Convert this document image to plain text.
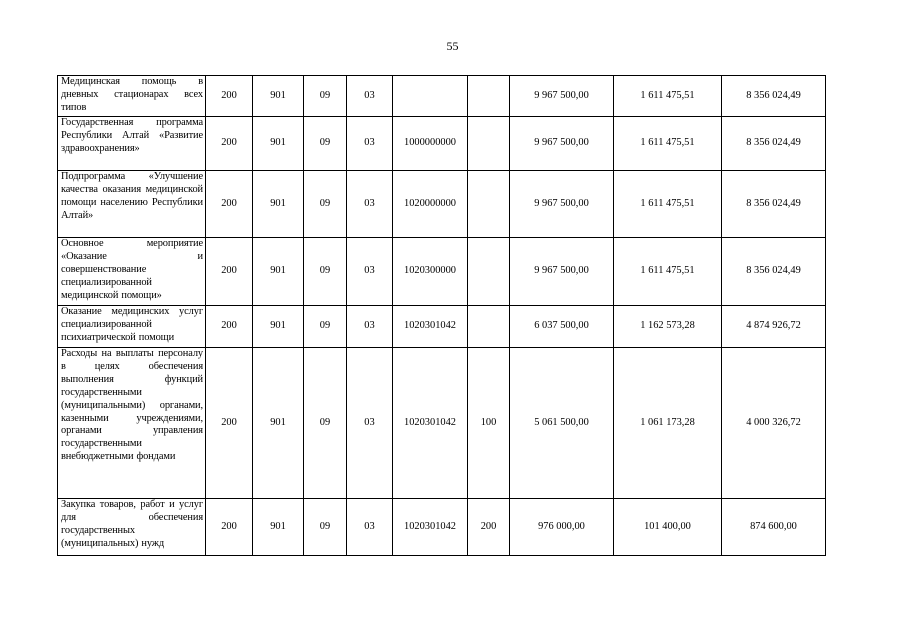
55
Медицинская помощь в дневных стационарах всех типов	200	901	09	03			9 967 500,00	1 611 475,51	8 356 024,49
Государственная программа Республики Алтай «Развитие здравоохранения»	200	901	09	03	1000000000		9 967 500,00	1 611 475,51	8 356 024,49
Подпрограмма «Улучшение качества оказания медицинской помощи населению Республики Алтай»	200	901	09	03	1020000000		9 967 500,00	1 611 475,51	8 356 024,49
Основное мероприятие «Оказание и совершенствование специализированной медицинской помощи»	200	901	09	03	1020300000		9 967 500,00	1 611 475,51	8 356 024,49
Оказание медицинских услуг специализированной психиатрической помощи	200	901	09	03	1020301042		6 037 500,00	1 162 573,28	4 874 926,72
Расходы на выплаты персоналу в целях обеспечения выполнения функций государственными (муниципальными) органами, казенными учреждениями, органами управления государственными внебюджетными фондами	200	901	09	03	1020301042	100	5 061 500,00	1 061 173,28	4 000 326,72
Закупка товаров, работ и услуг для обеспечения государственных (муниципальных) нужд	200	901	09	03	1020301042	200	976 000,00	101 400,00	874 600,00
